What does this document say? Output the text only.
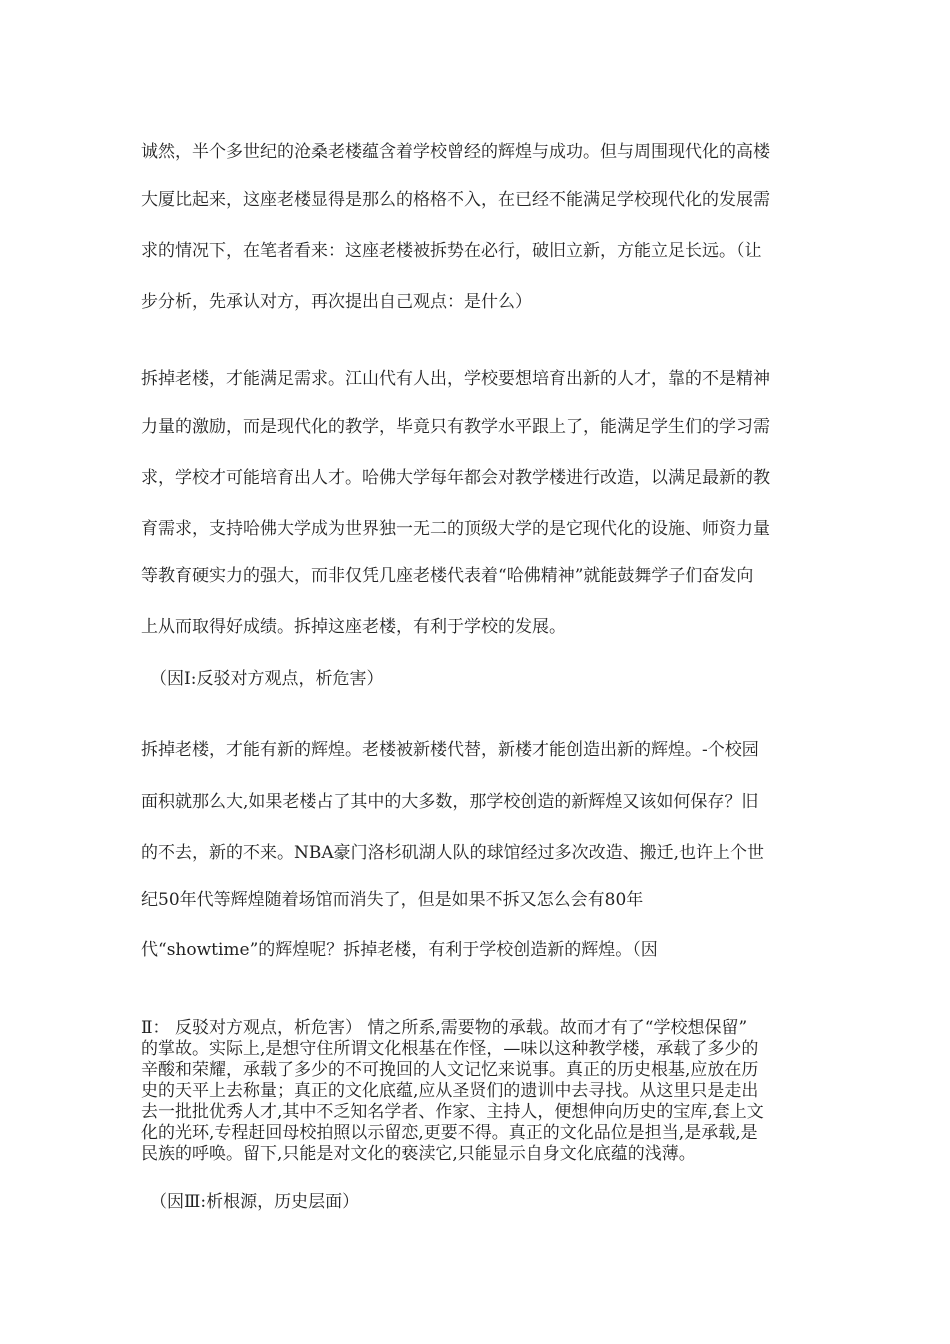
诚然，半个多世纪的沧桑老楼蕴含着学校曾经的辉煌与成功。但与周围现代化的高楼
大厦比起来，这座老楼显得是那么的格格不入，在已经不能满足学校现代化的发展需
求的情况下，在笔者看来：这座老楼被拆势在必行，破旧立新，方能立足长远。（让
步分析，先承认对方，再次提出自己观点：是什么）
拆掉老楼，才能满足需求。江山代有人出，学校要想培育出新的人才，靠的不是精神
力量的激励，而是现代化的教学，毕竟只有教学水平跟上了，能满足学生们的学习需
求，学校才可能培育出人才。哈佛大学每年都会对教学楼进行改造，以满足最新的教
育需求，支持哈佛大学成为世界独一无二的顶级大学的是它现代化的设施、师资力量
等教育硬实力的强大，而非仅凭几座老楼代表着“哈佛精神”就能鼓舞学子们奋发向
上从而取得好成绩。拆掉这座老楼，有利于学校的发展。
（因Ⅰ:反驳对方观点，析危害）
拆掉老楼，才能有新的辉煌。老楼被新楼代替，新楼才能创造出新的辉煌。-个校园
面积就那么大,如果老楼占了其中的大多数，那学校创造的新辉煌又该如何保存？旧
的不去，新的不来。NBA豪门洛杉矶湖人队的球馆经过多次改造、搬迁,也许上个世
纪50年代等辉煌随着场馆而消失了，但是如果不拆又怎么会有80年
代“showtime”的辉煌呢？拆掉老楼，有利于学校创造新的辉煌。（因
Ⅱ： 反驳对方观点，析危害） 情之所系,需要物的承载。故而才有了“学校想保留”
的掌故。实际上,是想守住所谓文化根基在作怪，—味以这种教学楼，承载了多少的
辛酸和荣耀，承载了多少的不可挽回的人文记忆来说事。真正的历史根基,应放在历
史的天平上去称量；真正的文化底蕴,应从圣贤们的遗训中去寻找。从这里只是走出
去一批批优秀人才,其中不乏知名学者、作家、主持人，便想伸向历史的宝库,套上文
化的光环,专程赶回母校拍照以示留恋,更要不得。真正的文化品位是担当,是承载,是
民族的呼唤。留下,只能是对文化的亵渎它,只能显示自身文化底蕴的浅薄。
（因Ⅲ:析根源，历史层面）
